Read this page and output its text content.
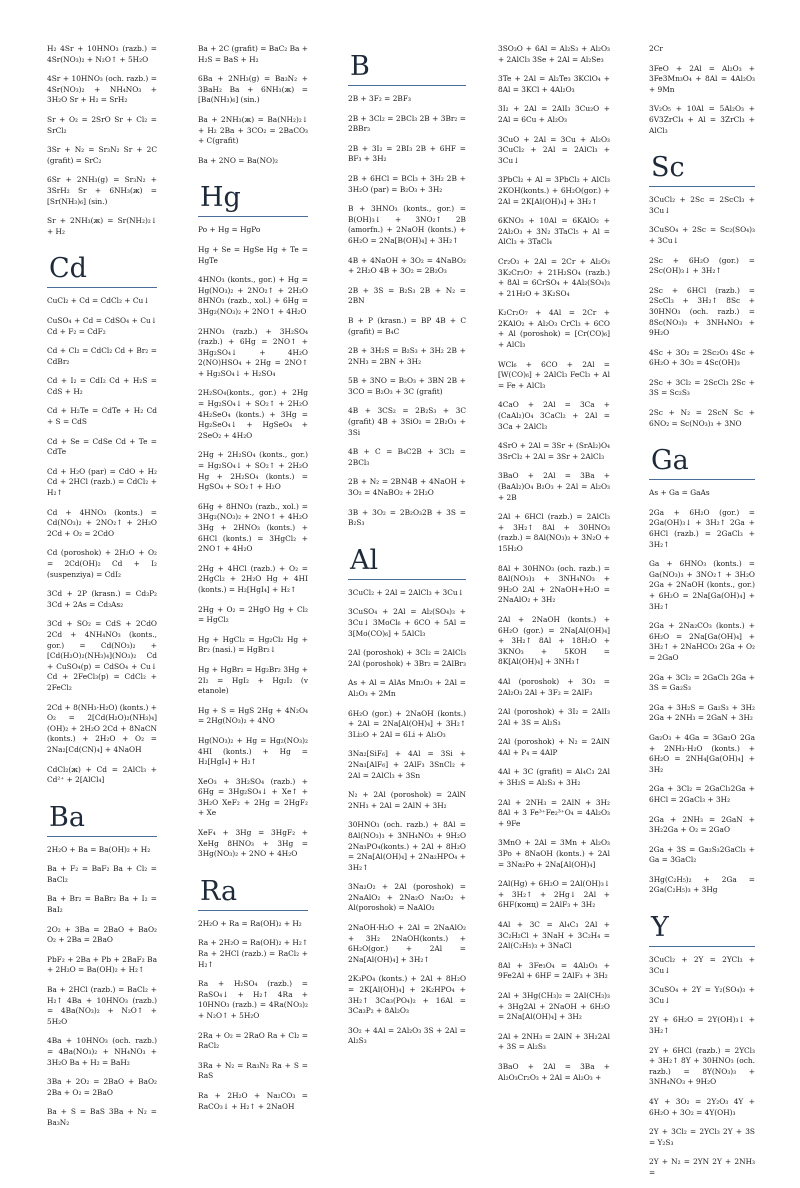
H₂ 4Sr + 10HNO₃ (razb.) = 4Sr(NO₃)₂ + N₂O↑ + 5H₂O
4Sr + 10HNO₃ (och. razb.) = 4Sr(NO₃)₂ + NH₄NO₃ + 3H₂O Sr + H₂ = SrH₂
Sr + O₂ = 2SrO Sr + Cl₂ = SrCl₂
3Sr + N₂ = Sr₃N₂ Sr + 2C (grafit) = SrC₂
6Sr + 2NH₃(g) = Sr₃N₂ + 3SrH₂ Sr + 6NH₃(ж) = [Sr(NH₃)₆] (sin.)
Sr + 2NH₃(ж) = Sr(NH₂)₂↓ + H₂
Cd
CuCl₂ + Cd = CdCl₂ + Cu↓
CuSO₄ + Cd = CdSO₄ + Cu↓ Cd + F₂ = CdF₂
Cd + Cl₂ = CdCl₂ Cd + Br₂ = CdBr₂
Cd + I₂ = CdI₂ Cd + H₂S = CdS + H₂
Cd + H₂Te = CdTe + H₂ Cd + S = CdS
Cd + Se = CdSe Cd + Te = CdTe
Cd + H₂O (par) = CdO + H₂ Cd + 2HCl (razb.) = CdCl₂ + H₂↑
Cd + 4HNO₃ (konts.) = Cd(NO₃)₂ + 2NO₂↑ + 2H₂O 2Cd + O₂ = 2CdO
Cd (poroshok) + 2H₂O + O₂ = 2Cd(OH)₂ Cd + I₂ (suspenziya) = CdI₂
3Cd + 2P (krasn.) = Cd₃P₂ 3Cd + 2As = Cd₃As₂
3Cd + SO₂ = CdS + 2CdO 2Cd + 4NH₄NO₃ (konts., gor.) = Cd(NO₃)₂ + [Cd(H₂O)₂(NH₃)₄](NO₃)₂ Cd + CuSO₄(p) = CdSO₄ + Cu↓ Cd + 2FeCl₃(p) = CdCl₂ + 2FeCl₂
2Cd + 8(NH₃·H₂O) (konts.) + O₂ = 2[Cd(H₂O)₂(NH₃)₄](OH)₂ + 2H₂O 2Cd + 8NaCN (konts.) + 2H₂O + O₂ = 2Na₂[Cd(CN)₄] + 4NaOH
CdCl₂(ж) + Cd = 2AlCl₃ + Cd²⁺ + 2[AlCl₄]
Ba
2H₂O + Ba = Ba(OH)₂ + H₂
Ba + F₂ = BaF₂ Ba + Cl₂ = BaCl₂
Ba + Br₂ = BaBr₂ Ba + I₂ = BaI₂
2O₂ + 3Ba = 2BaO + BaO₂ O₂ + 2Ba = 2BaO
PbF₂ + 2Ba + Pb + 2BaF₂ Ba + 2H₂O = Ba(OH)₂ + H₂↑
Ba + 2HCl (razb.) = BaCl₂ + H₂↑ 4Ba + 10HNO₃ (razb.) = 4Ba(NO₃)₂ + N₂O↑ + 5H₂O
4Ba + 10HNO₃ (och. razb.) = 4Ba(NO₃)₂ + NH₄NO₃ + 3H₂O Ba + H₂ = BaH₂
3Ba + 2O₂ = 2BaO + BaO₂ 2Ba + O₂ = 2BaO
Ba + S = BaS 3Ba + N₂ = Ba₃N₂
Ba + 2C (grafit) = BaC₂ Ba + H₂S = BaS + H₂
6Ba + 2NH₃(g) = Ba₃N₂ + 3BaH₂ Ba + 6NH₃(ж) = [Ba(NH₃)₆] (sin.)
Ba + 2NH₃(ж) = Ba(NH₂)₂↓ + H₂ 2Ba + 3CO₂ = 2BaCO₃ + C(grafit)
Ba + 2NO = Ba(NO)₂
Hg
Po + Hg = HgPo
Hg + Se = HgSe Hg + Te = HgTe
4HNO₃ (konts., gor.) + Hg = Hg(NO₃)₂ + 2NO₂↑ + 2H₂O 8HNO₃ (razb., xol.) + 6Hg = 3Hg₂(NO₃)₂ + 2NO↑ + 4H₂O
2HNO₃ (razb.) + 3H₂SO₄ (razb.) + 6Hg = 2NO↑ + 3Hg₂SO₄↓ + 4H₂O 2(NO)HSO₄ + 2Hg = 2NO↑ + Hg₂SO₄↓ + H₂SO₄
2H₂SO₄(konts., gor.) + 2Hg = Hg₂SO₄↓ + SO₂↑ + 2H₂O 4H₂SeO₄ (konts.) + 3Hg = Hg₂SeO₄↓ + HgSeO₄ + 2SeO₂ + 4H₂O
2Hg + 2H₂SO₄ (konts., gor.) = Hg₂SO₄↓ + SO₂↑ + 2H₂O Hg + 2H₂SO₄ (konts.) = HgSO₄ + SO₂↑ + H₂O
6Hg + 8HNO₃ (razb., xol.) = 3Hg₂(NO₃)₂ + 2NO↑ + 4H₂O 3Hg + 2HNO₃ (konts.) + 6HCl (konts.) = 3HgCl₂ + 2NO↑ + 4H₂O
2Hg + 4HCl (razb.) + O₂ = 2HgCl₂ + 2H₂O Hg + 4HI (konts.) = H₂[HgI₄] + H₂↑
2Hg + O₂ = 2HgO Hg + Cl₂ = HgCl₂
Hg + HgCl₂ = Hg₂Cl₂ Hg + Br₂ (nasi.) = HgBr₂↓
Hg + HgBr₂ = Hg₂Br₂ 3Hg + 2I₂ = HgI₂ + Hg₂I₂ (v etanole)
Hg + S = HgS 2Hg + 4N₂O₄ = 2Hg(NO₃)₂ + 4NO
Hg(NO₃)₂ + Hg = Hg₂(NO₃)₂ 4HI (konts.) + Hg = H₂[HgI₄] + H₂↑
XeO₃ + 3H₂SO₄ (razb.) + 6Hg = 3Hg₂SO₄↓ + Xe↑ + 3H₂O XeF₂ + 2Hg = 2HgF₂ + Xe
XeF₄ + 3Hg = 3HgF₂ + XeHg 8HNO₃ + 3Hg = 3Hg(NO₃)₂ + 2NO + 4H₂O
Ra
2H₂O + Ra = Ra(OH)₂ + H₂
Ra + 2H₂O = Ra(OH)₂ + H₂↑ Ra + 2HCl (razb.) = RaCl₂ + H₂↑
Ra + H₂SO₄ (razb.) = RaSO₄↓ + H₂↑ 4Ra + 10HNO₃ (razb.) = 4Ra(NO₃)₂ + N₂O↑ + 5H₂O
2Ra + O₂ = 2RaO Ra + Cl₂ = RaCl₂
3Ra + N₂ = Ra₃N₂ Ra + S = RaS
Ra + 2H₂O + Na₂CO₃ = RaCO₃↓ + H₂↑ + 2NaOH
B
2B + 3F₂ = 2BF₃
2B + 3Cl₂ = 2BCl₃ 2B + 3Br₂ = 2BBr₃
2B + 3I₂ = 2BI₃ 2B + 6HF = BF₃ + 3H₂
2B + 6HCl = BCl₃ + 3H₂ 2B + 3H₂O (par) = B₂O₃ + 3H₂
B + 3HNO₃ (konts., gor.) = B(OH)₃↓ + 3NO₂↑ 2B (amorfn.) + 2NaOH (konts.) + 6H₂O = 2Na[B(OH)₄] + 3H₂↑
4B + 4NaOH + 3O₂ = 4NaBO₂ + 2H₂O 4B + 3O₂ = 2B₂O₃
2B + 3S = B₂S₃ 2B + N₂ = 2BN
B + P (krasn.) = BP 4B + C (grafit) = B₄C
2B + 3H₂S = B₂S₃ + 3H₂ 2B + 2NH₃ = 2BN + 3H₂
5B + 3NO = B₂O₃ + 3BN 2B + 3CO = B₂O₃ + 3C (grafit)
4B + 3CS₂ = 2B₂S₃ + 3C (grafit) 4B + 3SiO₂ = 2B₂O₃ + 3Si
4B + C = B₄C2B + 3Cl₂ = 2BCl₃
2B + N₂ = 2BN4B + 4NaOH + 3O₂ = 4NaBO₂ + 2H₂O
3B + 3O₂ = 2B₂O₃2B + 3S = B₂S₃
Al
3CuCl₂ + 2Al = 2AlCl₃ + 3Cu↓
3CuSO₄ + 2Al = Al₂(SO₄)₃ + 3Cu↓ 3MoCl₆ + 6CO + 5Al = 3[Mo(CO)₆] + 5AlCl₃
2Al (poroshok) + 3Cl₂ = 2AlCl₃ 2Al (poroshok) + 3Br₂ = 2AlBr₃
As + Al = AlAs Mn₂O₃ + 2Al = Al₂O₃ + 2Mn
6H₂O (gor.) + 2NaOH (konts.) + 2Al = 2Na[Al(OH)₄] + 3H₂↑ 3Li₂O + 2Al = 6Li + Al₂O₃
3Na₂[SiF₆] + 4Al = 3Si + 2Na₃[AlF₆] + 2AlF₃ 3SnCl₂ + 2Al = 2AlCl₃ + 3Sn
N₂ + 2Al (poroshok) = 2AlN 2NH₃ + 2Al = 2AlN + 3H₂
30HNO₃ (och. razb.) + 8Al = 8Al(NO₃)₃ + 3NH₄NO₃ + 9H₂O 2Na₃PO₄(konts.) + 2Al + 8H₂O = 2Na[Al(OH)₄] + 2Na₂HPO₄ + 3H₂↑
3Na₂O₂ + 2Al (poroshok) = 2NaAlO₂ + 2Na₂O Na₂O₂ + Al(poroshok) = NaAlO₂
2NaOH·H₂O + 2Al = 2NaAlO₂ + 3H₂ 2NaOH(konts.) + 6H₂O(gor.) + 2Al = 2Na[Al(OH)₄] + 3H₂↑
2K₃PO₄ (konts.) + 2Al + 8H₂O = 2K[Al(OH)₄] + 2K₂HPO₄ + 3H₂↑ 3Ca₃(PO₄)₂ + 16Al = 3Ca₃P₂ + 8Al₂O₃
3O₂ + 4Al = 2Al₂O₃ 3S + 2Al = Al₂S₃
3SO₃O + 6Al = Al₂S₃ + Al₂O₃ + 2AlCl₃ 3Se + 2Al = Al₂Se₃
3Te + 2Al = Al₂Te₃ 3KClO₄ + 8Al = 3KCl + 4Al₂O₃
3I₂ + 2Al = 2AlI₃ 3Cu₂O + 2Al = 6Cu + Al₂O₃
3CuO + 2Al = 3Cu + Al₂O₃ 3CuCl₂ + 2Al = 2AlCl₃ + 3Cu↓
3PbCl₂ + Al = 3PbCl₂ + AlCl₃ 2KOH(konts.) + 6H₂O(gor.) + 2Al = 2K[Al(OH)₄] + 3H₂↑
6KNO₃ + 10Al = 6KAlO₂ + 2Al₂O₃ + 3N₂ 3TaCl₅ + Al = AlCl₃ + 3TaCl₄
Cr₂O₃ + 2Al = 2Cr + Al₂O₃ 3K₂Cr₂O₇ + 21H₂SO₄ (razb.) + 8Al = 6CrSO₄ + 4Al₂(SO₄)₃ + 21H₂O + 3K₂SO₄
K₂Cr₂O₇ + 4Al = 2Cr + 2KAlO₂ + Al₂O₃ CrCl₃ + 6CO + Al (poroshok) = [Cr(CO)₆] + AlCl₃
WCl₆ + 6CO + 2Al = [W(CO)₆] + 2AlCl₃ FeCl₃ + Al = Fe + AlCl₃
4CaO + 2Al = 3Ca + (CaAl₂)O₄ 3CaCl₂ + 2Al = 3Ca + 2AlCl₃
4SrO + 2Al = 3Sr + (SrAl₂)O₄ 3SrCl₂ + 2Al = 3Sr + 2AlCl₃
3BaO + 2Al = 3Ba + (BaAl₂)O₄ B₂O₃ + 2Al = Al₂O₃ + 2B
2Al + 6HCl (razb.) = 2AlCl₃ + 3H₂↑ 8Al + 30HNO₃ (razb.) = 8Al(NO₃)₃ + 3N₂O + 15H₂O
8Al + 30HNO₃ (och. razb.) = 8Al(NO₃)₃ + 3NH₄NO₃ + 9H₂O 2Al + 2NaOH+H₂O = 2NaAlO₂ + 3H₂
2Al + 2NaOH (konts.) + 6H₂O (gor.) = 2Na[Al(OH)₄] + 3H₂↑ 8Al + 18H₂O + 3KNO₃ + 5KOH = 8K[Al(OH)₄] + 3NH₃↑
4Al (poroshok) + 3O₂ = 2Al₂O₃ 2Al + 3F₂ = 2AlF₃
2Al (poroshok) + 3I₂ = 2AlI₃ 2Al + 3S = Al₂S₃
2Al (poroshok) + N₂ = 2AlN 4Al + P₄ = 4AlP
4Al + 3C (grafit) = Al₄C₃ 2Al + 3H₂S = Al₂S₃ + 3H₂
2Al + 2NH₃ = 2AlN + 3H₂ 8Al + 3 Fe³⁺Fe₂³⁺O₄ = 4Al₂O₃ + 9Fe
3MnO + 2Al = 3Mn + Al₂O₃ 3Po + 8NaOH (konts.) + 2Al = 3Na₂Po + 2Na[Al(OH)₄]
2Al(Hg) + 6H₂O = 2Al(OH)₃↓ + 3H₂↑ + 2Hg↓ 2Al + 6HF(конц) = 2AlF₃ + 3H₂
4Al + 3C = Al₄C₃ 2Al + 3C₂H₂Cl + 3NaH + 3C₂H₄ = 2Al(C₂H₅)₃ + 3NaCl
8Al + 3Fe₃O₄ = 4Al₂O₃ + 9Fe2Al + 6HF = 2AlF₃ + 3H₂
2Al + 3Hg(CH₃)₂ = 2Al(CH₃)₃ + 3Hg2Al + 2NaOH + 6H₂O = 2Na[Al(OH)₄] + 3H₂
2Al + 2NH₃ = 2AlN + 3H₂2Al + 3S = Al₂S₃
3BaO + 2Al = 3Ba + Al₂O₃Cr₂O₃ + 2Al = Al₂O₃ +
2Cr
3FeO + 2Al = Al₂O₃ + 3Fe3Mn₃O₄ + 8Al = 4Al₂O₃ + 9Mn
3V₂O₅ + 10Al = 5Al₂O₃ + 6V3ZrCl₄ + Al = 3ZrCl₃ + AlCl₃
Sc
3CuCl₂ + 2Sc = 2ScCl₃ + 3Cu↓
3CuSO₄ + 2Sc = Sc₂(SO₄)₃ + 3Cu↓
2Sc + 6H₂O (gor.) = 2Sc(OH)₃↓ + 3H₂↑
2Sc + 6HCl (razb.) = 2ScCl₃ + 3H₂↑ 8Sc + 30HNO₃ (och. razb.) = 8Sc(NO₃)₃ + 3NH₄NO₃ + 9H₂O
4Sc + 3O₂ = 2Sc₂O₃ 4Sc + 6H₂O + 3O₂ = 4Sc(OH)₃
2Sc + 3Cl₂ = 2ScCl₃ 2Sc + 3S = Sc₂S₃
2Sc + N₂ = 2ScN Sc + 6NO₂ = Sc(NO₃)₃ + 3NO
Ga
As + Ga = GaAs
2Ga + 6H₂O (gor.) = 2Ga(OH)₃↓ + 3H₂↑ 2Ga + 6HCl (razb.) = 2GaCl₃ + 3H₂↑
Ga + 6HNO₃ (konts.) = Ga(NO₃)₃ + 3NO₂↑ + 3H₂O 2Ga + 2NaOH (konts., gor.) + 6H₂O = 2Na[Ga(OH)₄] + 3H₂↑
2Ga + 2Na₂CO₃ (konts.) + 6H₂O = 2Na[Ga(OH)₄] + 3H₂↑ + 2NaHCO₃ 2Ga + O₂ = 2GaO
2Ga + 3Cl₂ = 2GaCl₃ 2Ga + 3S = Ga₂S₃
2Ga + 3H₂S = Ga₂S₃ + 3H₂ 2Ga + 2NH₃ = 2GaN + 3H₂
Ga₂O₃ + 4Ga = 3Ga₂O 2Ga + 2NH₃·H₂O (konts.) + 6H₂O = 2NH₄[Ga(OH)₄] + 3H₂
2Ga + 3Cl₂ = 2GaCl₃2Ga + 6HCl = 2GaCl₃ + 3H₂
2Ga + 2NH₃ = 2GaN + 3H₂2Ga + O₂ = 2GaO
2Ga + 3S = Ga₂S₃2GaCl₃ + Ga = 3GaCl₂
3Hg(C₂H₅)₂ + 2Ga = 2Ga(C₂H₅)₃ + 3Hg
Y
3CuCl₂ + 2Y = 2YCl₃ + 3Cu↓
3CuSO₄ + 2Y = Y₂(SO₄)₃ + 3Cu↓
2Y + 6H₂O = 2Y(OH)₃↓ + 3H₂↑
2Y + 6HCl (razb.) = 2YCl₃ + 3H₂↑ 8Y + 30HNO₃ (och. razb.) = 8Y(NO₃)₃ + 3NH₄NO₃ + 9H₂O
4Y + 3O₂ = 2Y₂O₃ 4Y + 6H₂O + 3O₂ = 4Y(OH)₃
2Y + 3Cl₂ = 2YCl₃ 2Y + 3S = Y₂S₃
2Y + N₂ = 2YN 2Y + 2NH₃ =
